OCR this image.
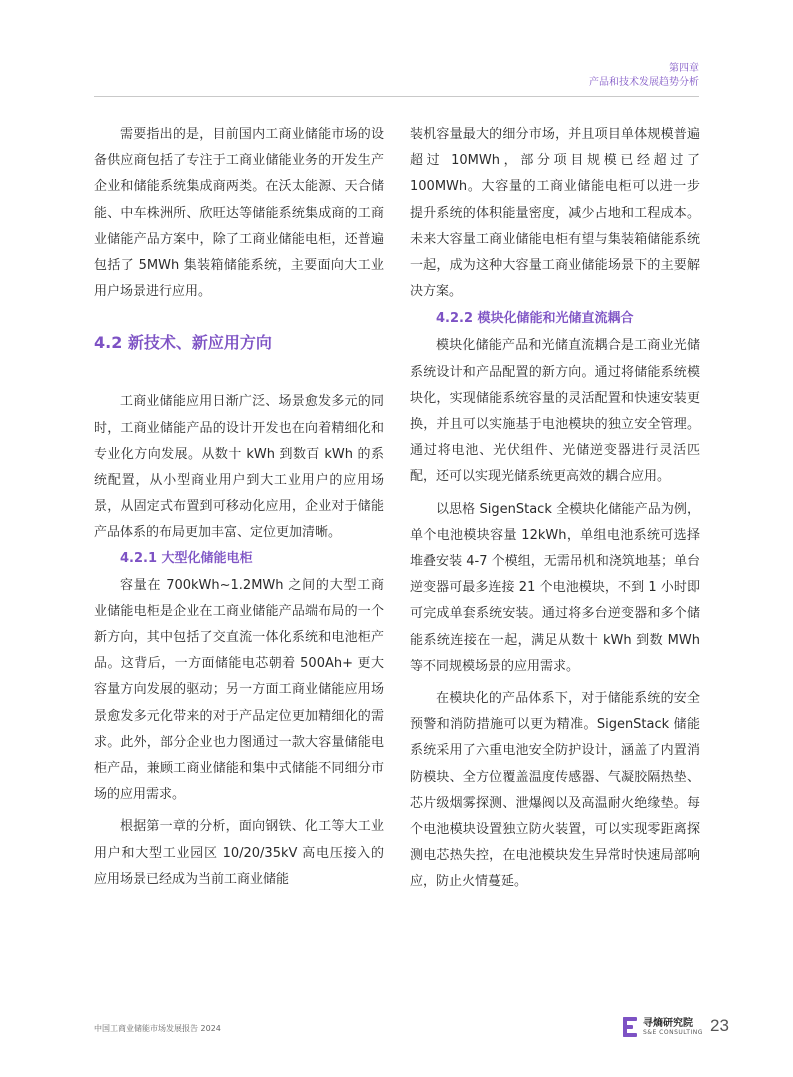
第四章
产品和技术发展趋势分析

需要指出的是，目前国内工商业储能市场的设备供应商包括了专注于工商业储能业务的开发生产企业和储能系统集成商两类。在沃太能源、天合储能、中车株洲所、欣旺达等储能系统集成商的工商业储能产品方案中，除了工商业储能电柜，还普遍包括了 5MWh 集装箱储能系统，主要面向大工业用户场景进行应用。

4.2 新技术、新应用方向

工商业储能应用日渐广泛、场景愈发多元的同时，工商业储能产品的设计开发也在向着精细化和专业化方向发展。从数十 kWh 到数百 kWh 的系统配置，从小型商业用户到大工业用户的应用场景，从固定式布置到可移动化应用，企业对于储能产品体系的布局更加丰富、定位更加清晰。

4.2.1 大型化储能电柜

容量在 700kWh~1.2MWh 之间的大型工商业储能电柜是企业在工商业储能产品端布局的一个新方向，其中包括了交直流一体化系统和电池柜产品。这背后，一方面储能电芯朝着 500Ah+ 更大容量方向发展的驱动；另一方面工商业储能应用场景愈发多元化带来的对于产品定位更加精细化的需求。此外，部分企业也力图通过一款大容量储能电柜产品，兼顾工商业储能和集中式储能不同细分市场的应用需求。

根据第一章的分析，面向钢铁、化工等大工业用户和大型工业园区 10/20/35kV 高电压接入的应用场景已经成为当前工商业储能

装机容量最大的细分市场，并且项目单体规模普遍超过 10MWh，部分项目规模已经超过了 100MWh。大容量的工商业储能电柜可以进一步提升系统的体积能量密度，减少占地和工程成本。未来大容量工商业储能电柜有望与集装箱储能系统一起，成为这种大容量工商业储能场景下的主要解决方案。

4.2.2 模块化储能和光储直流耦合

模块化储能产品和光储直流耦合是工商业光储系统设计和产品配置的新方向。通过将储能系统模块化，实现储能系统容量的灵活配置和快速安装更换，并且可以实施基于电池模块的独立安全管理。通过将电池、光伏组件、光储逆变器进行灵活匹配，还可以实现光储系统更高效的耦合应用。

以思格 SigenStack 全模块化储能产品为例，单个电池模块容量 12kWh，单组电池系统可选择堆叠安装 4-7 个模组，无需吊机和浇筑地基；单台逆变器可最多连接 21 个电池模块，不到 1 小时即可完成单套系统安装。通过将多台逆变器和多个储能系统连接在一起，满足从数十 kWh 到数 MWh 等不同规模场景的应用需求。

在模块化的产品体系下，对于储能系统的安全预警和消防措施可以更为精准。SigenStack 储能系统采用了六重电池安全防护设计，涵盖了内置消防模块、全方位覆盖温度传感器、气凝胶隔热垫、芯片级烟雾探测、泄爆阀以及高温耐火绝缘垫。每个电池模块设置独立防火装置，可以实现零距离探测电芯热失控，在电池模块发生异常时快速局部响应，防止火情蔓延。

中国工商业储能市场发展报告 2024	寻熵研究院
S&E CONSULTING 23
